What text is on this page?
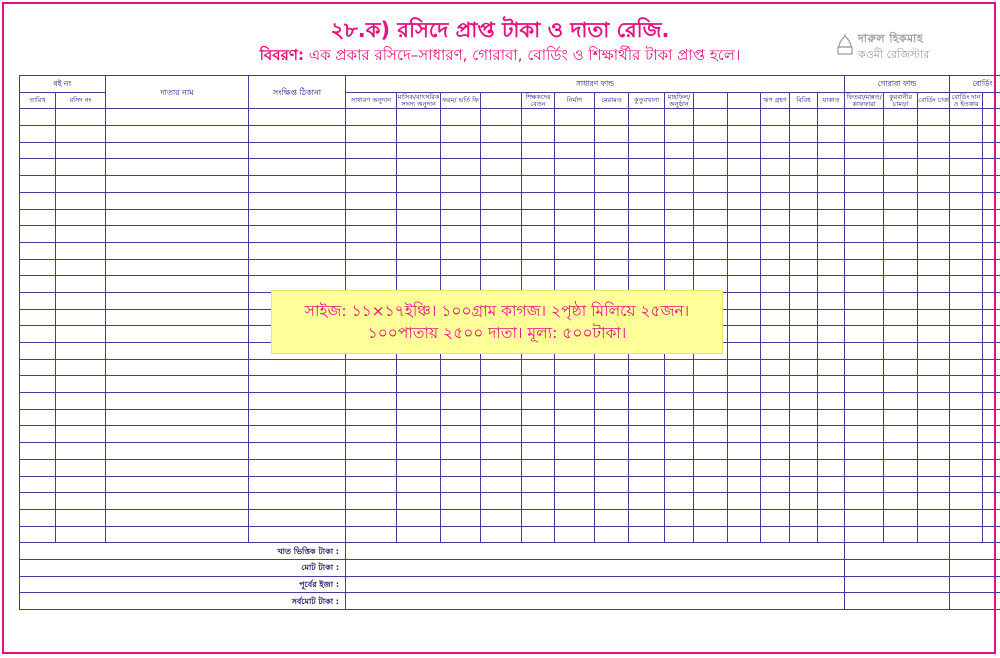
২৮.ক) রসিদে প্রাপ্ত টাকা ও দাতা রেজি.
বিবরণ: এক প্রকার রসিদে–সাধারণ, গোরাবা, বোর্ডিং ও শিক্ষার্থীর টাকা প্রাপ্ত হলে।
দারুল হিকমাহ
কওমী রেজিস্টার
বই নং		দাতার নাম	সংক্ষিপ্ত ঠিকানা	সাধারণ ফান্ড														গোরাবা ফান্ড			বোর্ডিং	
তারিখ	রসিদ নং			সাধারণ অনুদান	মাসিক/বাৎসরিক সদস্য অনুদান	ফরম/ ভর্তি ফি		শিক্ষকদের বেতন	নির্মাণ	মেরামত	কুতুবখানা	মাহফিল/ অনুষ্ঠান			ঋণ গ্রহণ	বিবিধ	যাকাত	ফিতরা/মান্নত/ কাফফারা	কুরবানীর চামড়া	বোর্ডিং চার্জ	বোর্ডিং দান ও ইতকার	

খাত ভিত্তিক টাকা :																						
মোট টাকা :																						
পূর্বের ইজা :																						
সর্বমোট টাকা :																						
সাইজ: ১১×১৭ইঞ্চি। ১০০গ্রাম কাগজ। ২পৃষ্ঠা মিলিয়ে ২৫জন।
১০০পাতায় ২৫০০ দাতা। মূল্য: ৫০০টাকা।
